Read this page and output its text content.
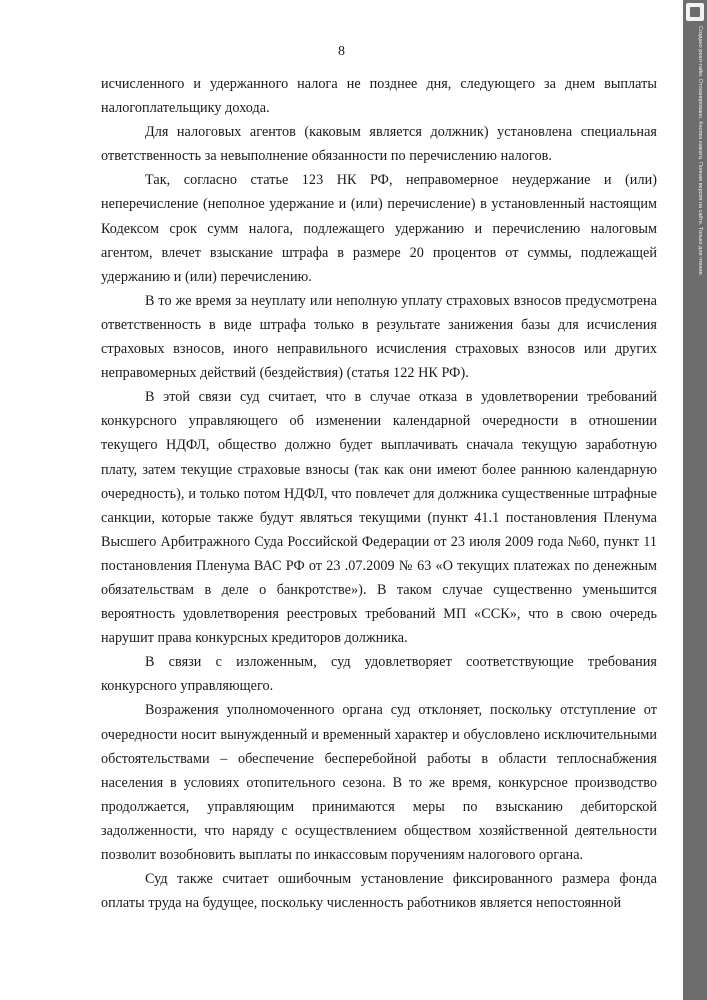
8

исчисленного и удержанного налога не позднее дня, следующего за днем выплаты налогоплательщику дохода.

Для налоговых агентов (каковым является должник) установлена специальная ответственность за невыполнение обязанности по перечислению налогов.

Так, согласно статье 123 НК РФ, неправомерное неудержание и (или) неперечисление (неполное удержание и (или) перечисление) в установленный настоящим Кодексом срок сумм налога, подлежащего удержанию и перечислению налоговым агентом, влечет взыскание штрафа в размере 20 процентов от суммы, подлежащей удержанию и (или) перечислению.

В то же время за неуплату или неполную уплату страховых взносов предусмотрена ответственность в виде штрафа только в результате занижения базы для исчисления страховых взносов, иного неправильного исчисления страховых взносов или других неправомерных действий (бездействия) (статья 122 НК РФ).

В этой связи суд считает, что в случае отказа в удовлетворении требований конкурсного управляющего об изменении календарной очередности в отношении текущего НДФЛ, общество должно будет выплачивать сначала текущую заработную плату, затем текущие страховые взносы (так как они имеют более раннюю календарную очередность), и только потом НДФЛ, что повлечет для должника существенные штрафные санкции, которые также будут являться текущими (пункт 41.1 постановления Пленума Высшего Арбитражного Суда Российской Федерации от 23 июля 2009 года №60, пункт 11 постановления Пленума ВАС РФ от 23 .07.2009 № 63 «О текущих платежах по денежным обязательствам в деле о банкротстве»). В таком случае существенно уменьшится вероятность удовлетворения реестровых требований МП «ССК», что в свою очередь нарушит права конкурсных кредиторов должника.

В связи с изложенным, суд удовлетворяет соответствующие требования конкурсного управляющего.

Возражения уполномоченного органа суд отклоняет, поскольку отступление от очередности носит вынужденный и временный характер и обусловлено исключительными обстоятельствами – обеспечение бесперебойной работы в области теплоснабжения населения в условиях отопительного сезона. В то же время, конкурсное производство продолжается, управляющим принимаются меры по взысканию дебиторской задолженности, что наряду с осуществлением обществом хозяйственной деятельности позволит возобновить выплаты по инкассовым поручениям налогового органа.

Суд также считает ошибочным установление фиксированного размера фонда оплаты труда на будущее, поскольку численность работников является непостоянной

Создано реал-тайм. Отсканировано. Кнопка нажата. Полная версия на сайте. Только для чтения.
